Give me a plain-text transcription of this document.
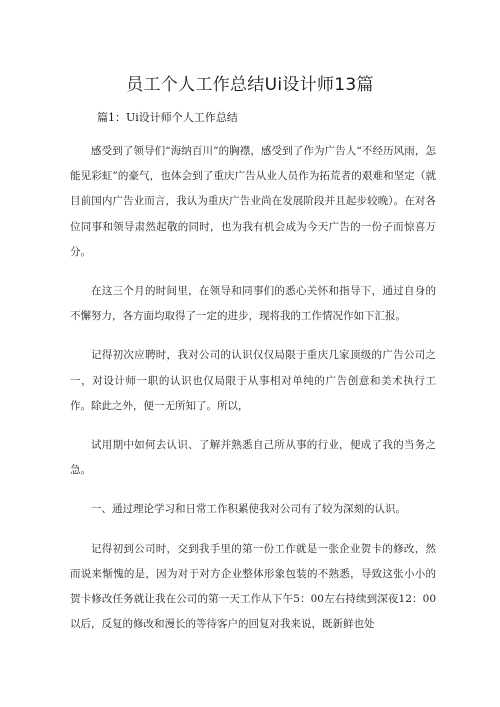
员工个人工作总结Ui设计师13篇
篇1：Ui设计师个人工作总结

感受到了领导们“海纳百川”的胸襟，感受到了作为广告人“不经历风雨，怎能见彩虹”的豪气，也体会到了重庆广告从业人员作为拓荒者的艰难和坚定（就目前国内广告业而言，我认为重庆广告业尚在发展阶段并且起步较晚）。在对各位同事和领导肃然起敬的同时，也为我有机会成为今天广告的一份子而惊喜万分。

在这三个月的时间里，在领导和同事们的悉心关怀和指导下，通过自身的不懈努力，各方面均取得了一定的进步，现将我的工作情况作如下汇报。

记得初次应聘时，我对公司的认识仅仅局限于重庆几家顶级的广告公司之一，对设计师一职的认识也仅局限于从事相对单纯的广告创意和美术执行工作。除此之外，便一无所知了。所以，

试用期中如何去认识、了解并熟悉自己所从事的行业，便成了我的当务之急。

一、通过理论学习和日常工作积累使我对公司有了较为深刻的认识。

记得初到公司时，交到我手里的第一份工作就是一张企业贺卡的修改，然而说来惭愧的是，因为对于对方企业整体形象包装的不熟悉，导致这张小小的贺卡修改任务就让我在公司的第一天工作从下午5：00左右持续到深夜12：00以后，反复的修改和漫长的等待客户的回复对我来说，既新鲜也处
